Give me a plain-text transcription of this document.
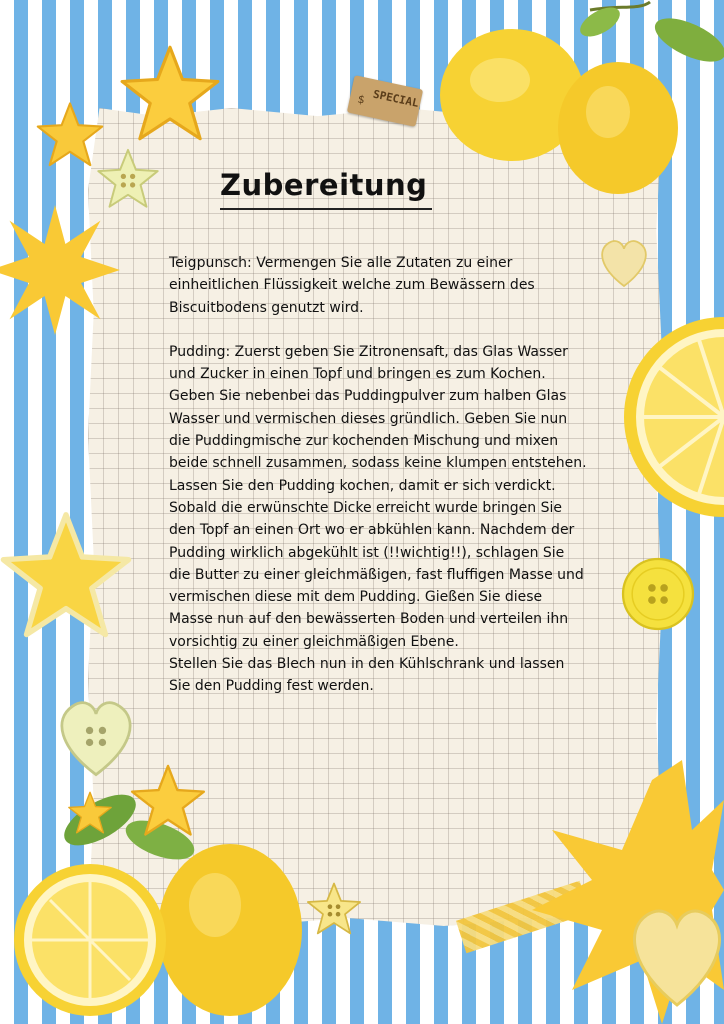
SPECIAL
$
Zubereitung

Teigpunsch: Vermengen Sie alle Zutaten zu einer einheitlichen Flüssigkeit welche zum Bewässern des Biscuitbodens genutzt wird.

Pudding: Zuerst geben Sie Zitronensaft, das Glas Wasser und Zucker in einen Topf und bringen es zum Kochen. Geben Sie nebenbei das Puddingpulver zum halben Glas Wasser und vermischen dieses gründlich. Geben Sie nun die Puddingmische zur kochenden Mischung und mixen beide schnell zusammen, sodass keine klumpen entstehen.

Lassen Sie den Pudding kochen, damit er sich verdickt. Sobald die erwünschte Dicke erreicht wurde bringen Sie den Topf an einen Ort wo er abkühlen kann. Nachdem der Pudding wirklich abgekühlt ist (!!wichtig!!), schlagen Sie die Butter zu einer gleichmäßigen, fast fluffigen Masse und vermischen diese mit dem Pudding. Gießen Sie diese Masse nun auf den bewässerten Boden und verteilen ihn vorsichtig zu einer gleichmäßigen Ebene.

Stellen Sie das Blech nun in den Kühlschrank und lassen Sie den Pudding fest werden.
